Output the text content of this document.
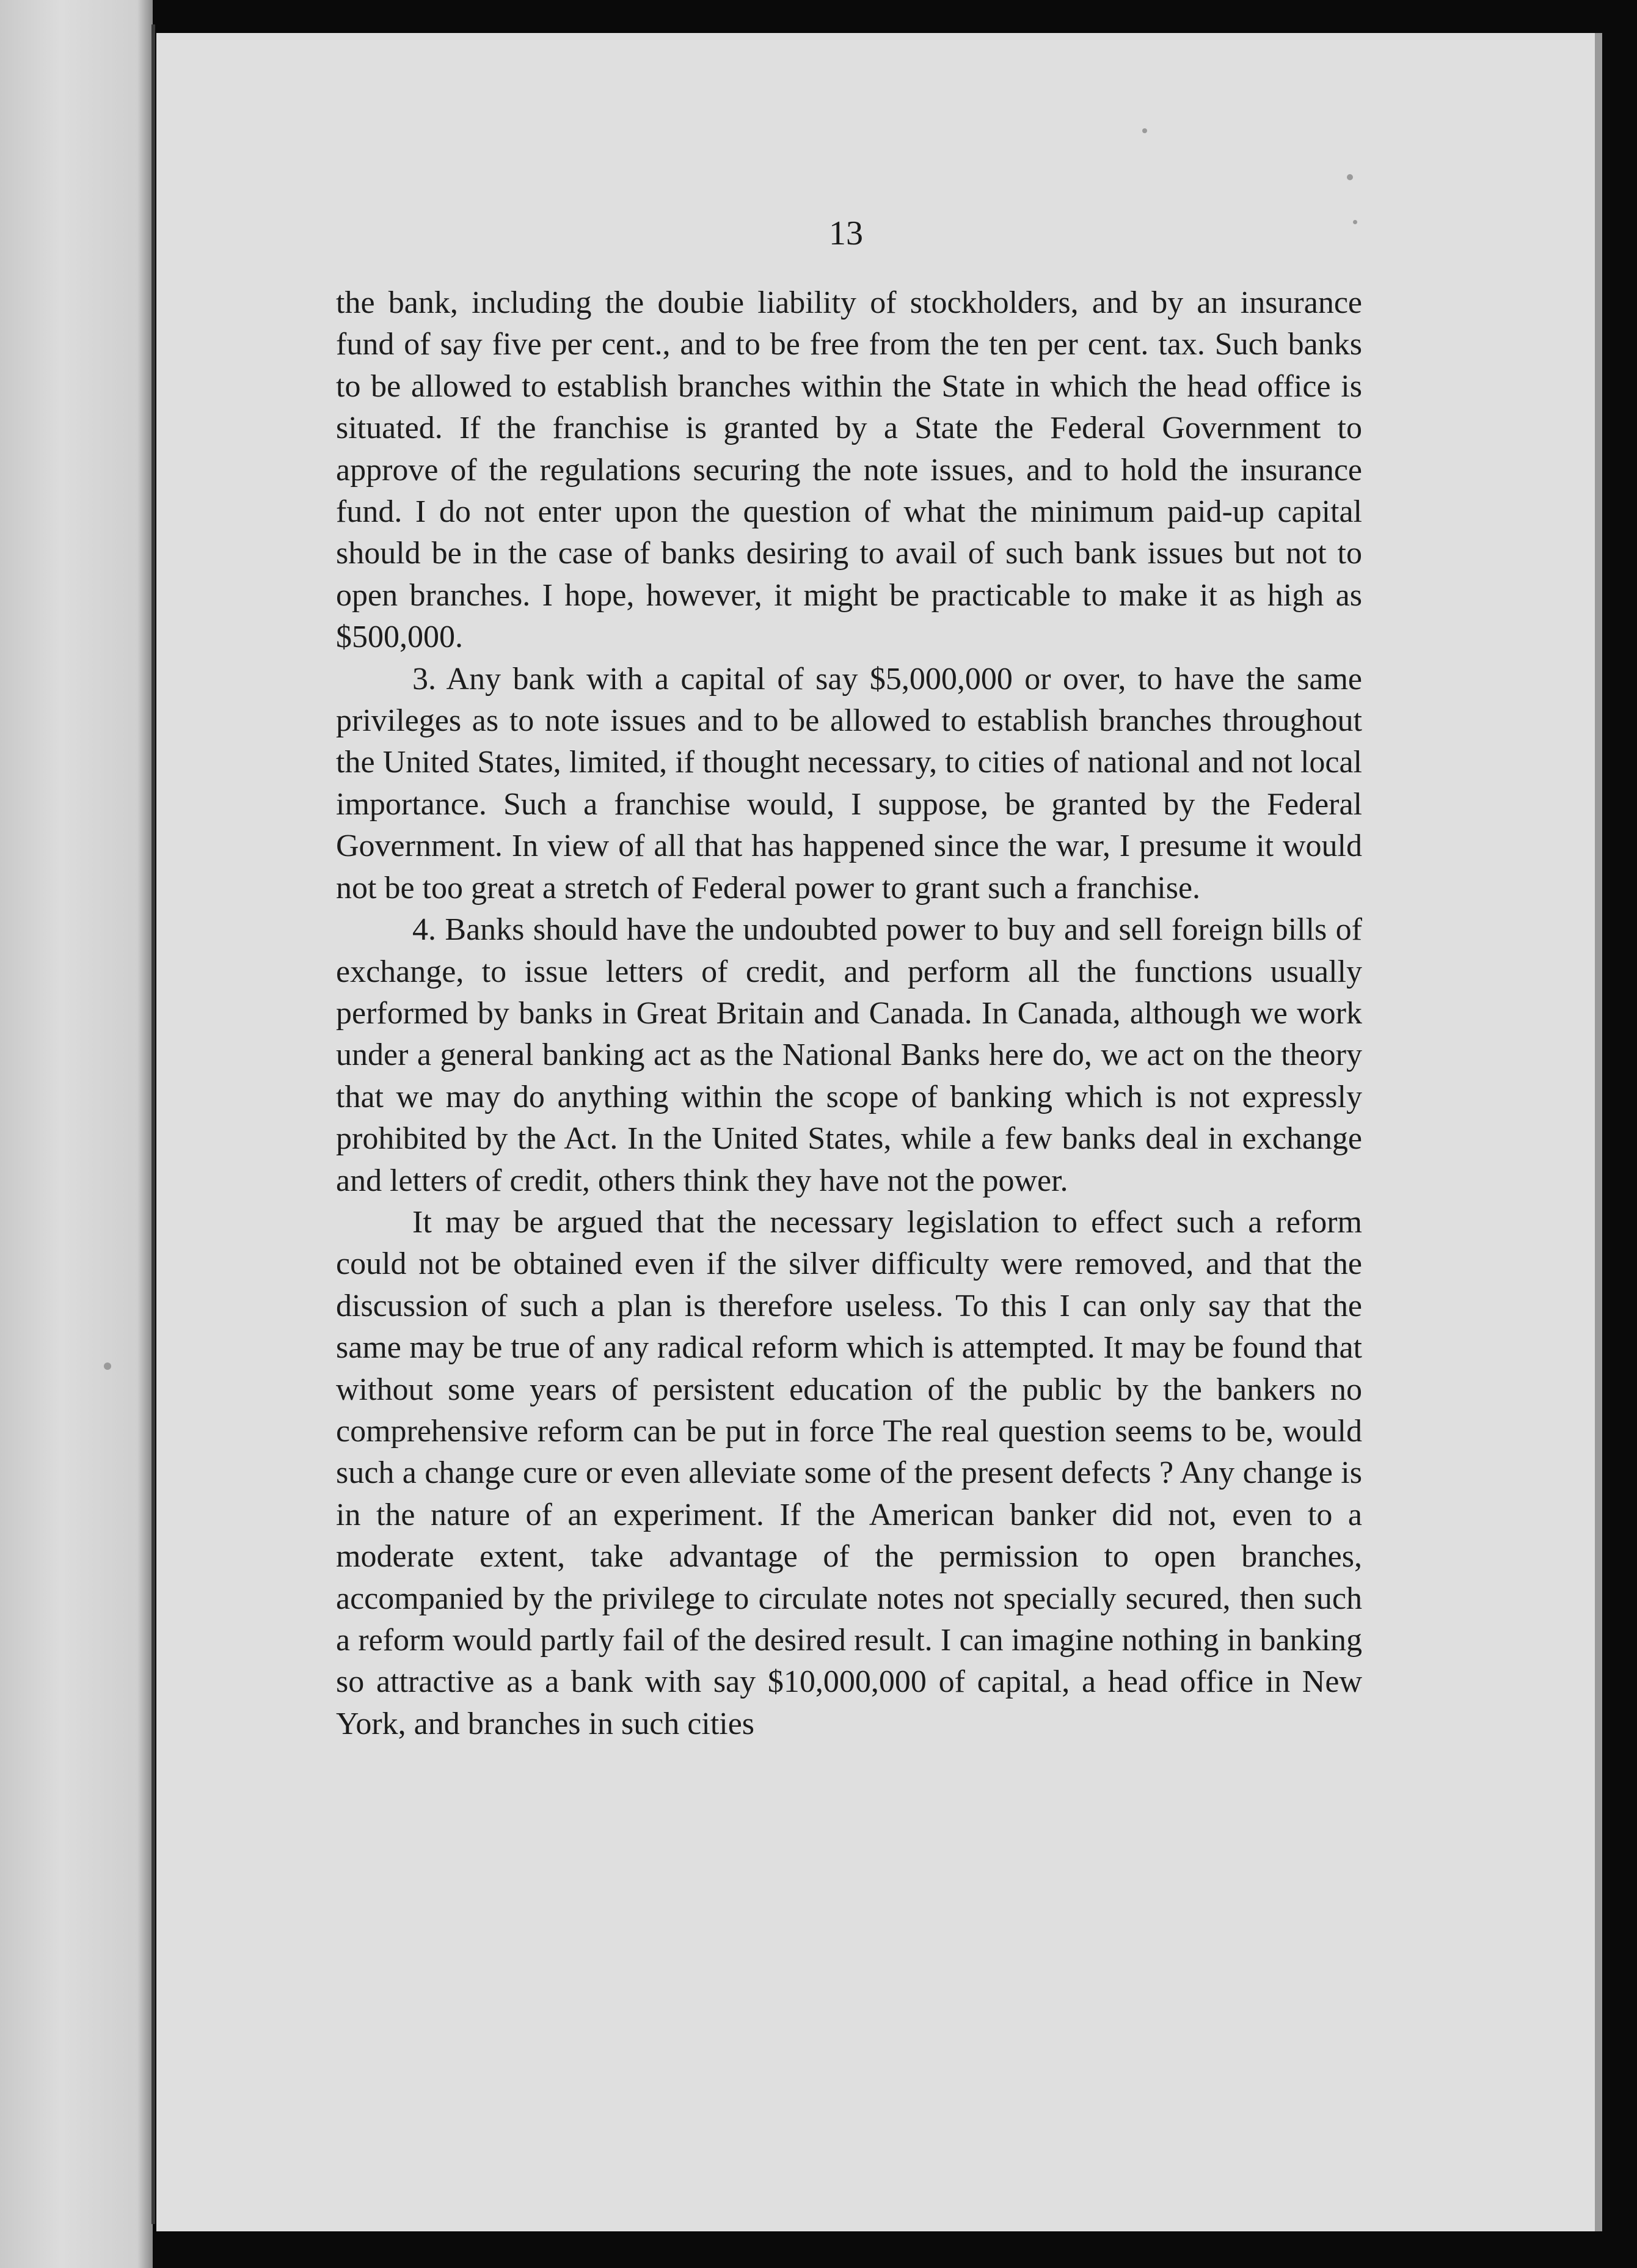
13

the bank, including the doubie liability of stockholders, and by an insurance fund of say five per cent., and to be free from the ten per cent. tax. Such banks to be allowed to establish branches within the State in which the head office is situated. If the franchise is granted by a State the Federal Government to approve of the regulations securing the note issues, and to hold the insurance fund. I do not enter upon the question of what the minimum paid-up capital should be in the case of banks desiring to avail of such bank issues but not to open branches. I hope, however, it might be practicable to make it as high as $500,000.

3. Any bank with a capital of say $5,000,000 or over, to have the same privileges as to note issues and to be allowed to establish branches throughout the United States, limited, if thought necessary, to cities of national and not local importance. Such a franchise would, I suppose, be granted by the Federal Government. In view of all that has happened since the war, I presume it would not be too great a stretch of Federal power to grant such a franchise.

4. Banks should have the undoubted power to buy and sell foreign bills of exchange, to issue letters of credit, and perform all the functions usually performed by banks in Great Britain and Canada. In Canada, although we work under a general banking act as the National Banks here do, we act on the theory that we may do anything within the scope of banking which is not expressly prohibited by the Act. In the United States, while a few banks deal in exchange and letters of credit, others think they have not the power.

It may be argued that the necessary legislation to effect such a reform could not be obtained even if the silver difficulty were removed, and that the discussion of such a plan is therefore useless. To this I can only say that the same may be true of any radical reform which is attempted. It may be found that without some years of persistent education of the public by the bankers no comprehensive reform can be put in force The real question seems to be, would such a change cure or even alleviate some of the present defects ? Any change is in the nature of an experiment. If the American banker did not, even to a moderate extent, take advantage of the permission to open branches, accompanied by the privilege to circulate notes not specially secured, then such a reform would partly fail of the desired result. I can imagine nothing in banking so attractive as a bank with say $10,000,000 of capital, a head office in New York, and branches in such cities
